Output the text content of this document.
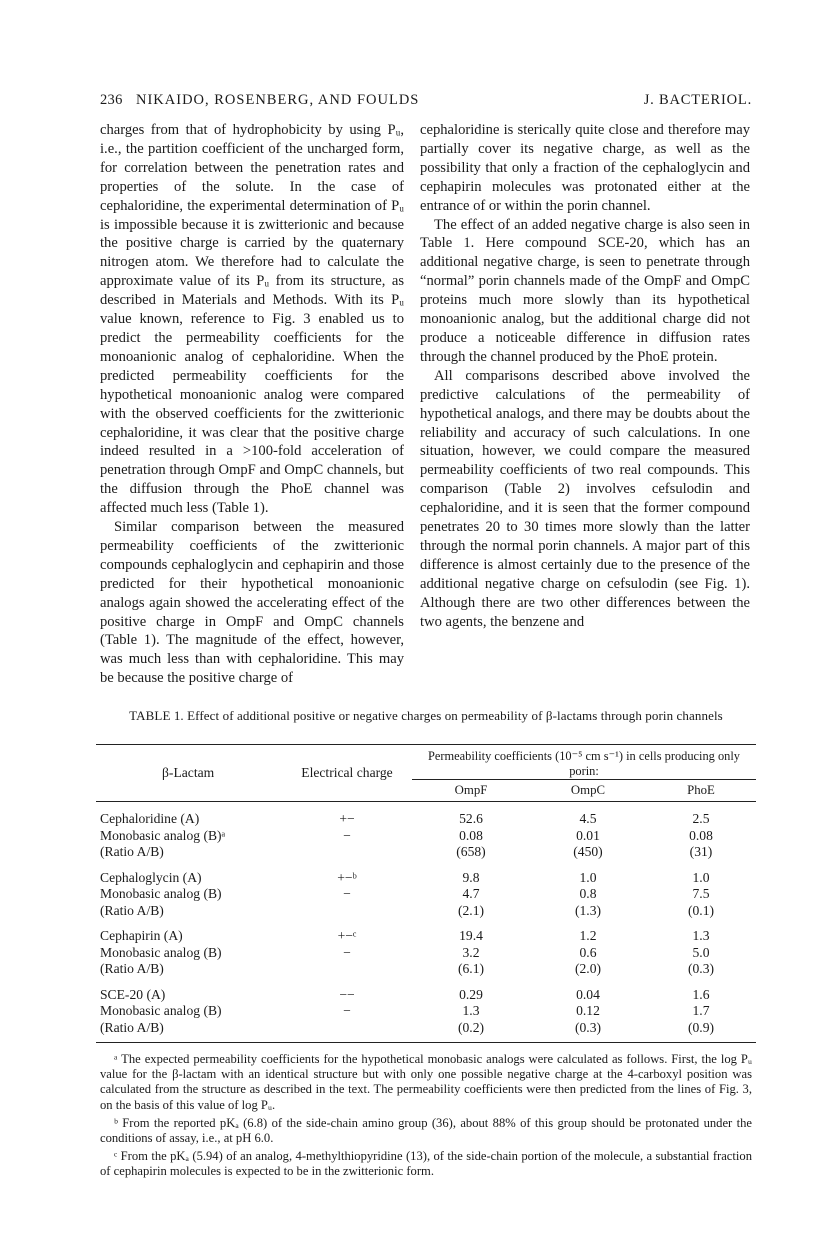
236 NIKAIDO, ROSENBERG, AND FOULDS	J. BACTERIOL.

charges from that of hydrophobicity by using Pᵤ, i.e., the partition coefficient of the uncharged form, for correlation between the penetration rates and properties of the solute. In the case of cephaloridine, the experimental determination of Pᵤ is impossible because it is zwitterionic and because the positive charge is carried by the quaternary nitrogen atom. We therefore had to calculate the approximate value of its Pᵤ from its structure, as described in Materials and Methods. With its Pᵤ value known, reference to Fig. 3 enabled us to predict the permeability coefficients for the monoanionic analog of cephaloridine. When the predicted permeability coefficients for the hypothetical monoanionic analog were compared with the observed coefficients for the zwitterionic cephaloridine, it was clear that the positive charge indeed resulted in a >100-fold acceleration of penetration through OmpF and OmpC channels, but the diffusion through the PhoE channel was affected much less (Table 1).

Similar comparison between the measured permeability coefficients of the zwitterionic compounds cephaloglycin and cephapirin and those predicted for their hypothetical monoanionic analogs again showed the accelerating effect of the positive charge in OmpF and OmpC channels (Table 1). The magnitude of the effect, however, was much less than with cephaloridine. This may be because the positive charge of

cephaloridine is sterically quite close and therefore may partially cover its negative charge, as well as the possibility that only a fraction of the cephaloglycin and cephapirin molecules was protonated either at the entrance of or within the porin channel.

The effect of an added negative charge is also seen in Table 1. Here compound SCE-20, which has an additional negative charge, is seen to penetrate through “normal” porin channels made of the OmpF and OmpC proteins much more slowly than its hypothetical monoanionic analog, but the additional charge did not produce a noticeable difference in diffusion rates through the channel produced by the PhoE protein.

All comparisons described above involved the predictive calculations of the permeability of hypothetical analogs, and there may be doubts about the reliability and accuracy of such calculations. In one situation, however, we could compare the measured permeability coefficients of two real compounds. This comparison (Table 2) involves cefsulodin and cephaloridine, and it is seen that the former compound penetrates 20 to 30 times more slowly than the latter through the normal porin channels. A major part of this difference is almost certainly due to the presence of the additional negative charge on cefsulodin (see Fig. 1). Although there are two other differences between the two agents, the benzene and

TABLE 1. Effect of additional positive or negative charges on permeability of β-lactams through porin channels
β-Lactam	Electrical charge	Permeability coefficients (10⁻⁵ cm s⁻¹) in cells producing only porin:		
		OmpF	OmpC	PhoE
Cephaloridine (A)	+−	52.6	4.5	2.5
Monobasic analog (B)ᵃ	−	0.08	0.01	0.08
(Ratio A/B)		(658)	(450)	(31)
Cephaloglycin (A)	+−ᵇ	9.8	1.0	1.0
Monobasic analog (B)	−	4.7	0.8	7.5
(Ratio A/B)		(2.1)	(1.3)	(0.1)
Cephapirin (A)	+−ᶜ	19.4	1.2	1.3
Monobasic analog (B)	−	3.2	0.6	5.0
(Ratio A/B)		(6.1)	(2.0)	(0.3)
SCE-20 (A)	−−	0.29	0.04	1.6
Monobasic analog (B)	−	1.3	0.12	1.7
(Ratio A/B)		(0.2)	(0.3)	(0.9)

ᵃ The expected permeability coefficients for the hypothetical monobasic analogs were calculated as follows. First, the log Pᵤ value for the β-lactam with an identical structure but with only one possible negative charge at the 4-carboxyl position was calculated from the structure as described in the text. The permeability coefficients were then predicted from the lines of Fig. 3, on the basis of this value of log Pᵤ.

ᵇ From the reported pKₐ (6.8) of the side-chain amino group (36), about 88% of this group should be protonated under the conditions of assay, i.e., at pH 6.0.

ᶜ From the pKₐ (5.94) of an analog, 4-methylthiopyridine (13), of the side-chain portion of the molecule, a substantial fraction of cephapirin molecules is expected to be in the zwitterionic form.
